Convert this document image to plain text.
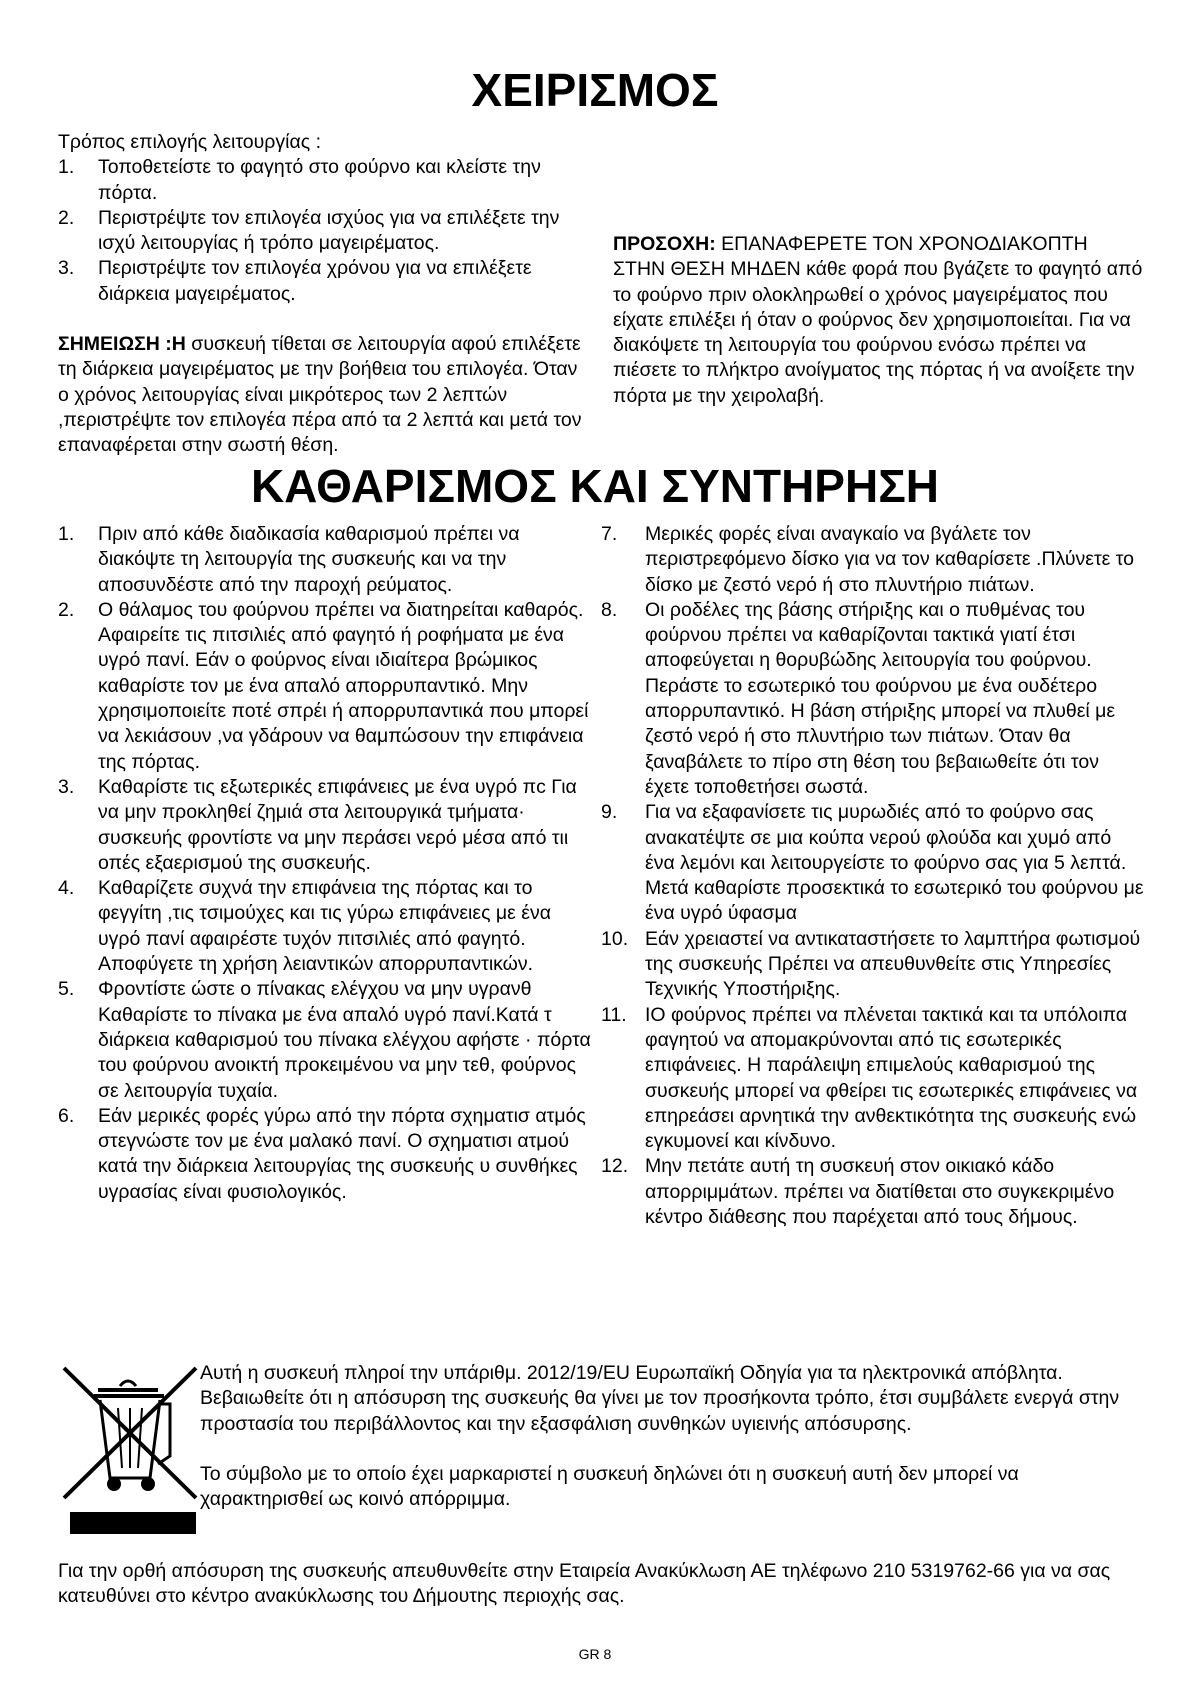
ΧΕΙΡΙΣΜΟΣ

Τρόπος επιλογής λειτουργίας :

1. Τοποθετείστε το φαγητό στο φούρνο και κλείστε την πόρτα.
2. Περιστρέψτε τον επιλογέα ισχύος για να επιλέξετε την ισχύ λειτουργίας ή τρόπο μαγειρέματος.
3. Περιστρέψτε τον επιλογέα χρόνου για να επιλέξετε διάρκεια μαγειρέματος.

ΣΗΜΕΙΩΣΗ :Η συσκευή τίθεται σε λειτουργία αφού επιλέξετε τη διάρκεια μαγειρέματος με την βοήθεια του επιλογέα. Όταν ο χρόνος λειτουργίας είναι μικρότερος των 2 λεπτών ,περιστρέψτε τον επιλογέα πέρα από τα 2 λεπτά και μετά τον επαναφέρεται στην σωστή θέση.

ΠΡΟΣΟΧΗ: ΕΠΑΝΑΦΕΡΕΤΕ ΤΟΝ ΧΡΟΝΟΔΙΑΚΟΠΤΗ ΣΤΗΝ ΘΕΣΗ ΜΗΔΕΝ κάθε φορά που βγάζετε το φαγητό από το φούρνο πριν ολοκληρωθεί ο χρόνος μαγειρέματος που είχατε επιλέξει ή όταν ο φούρνος δεν χρησιμοποιείται. Για να διακόψετε τη λειτουργία του φούρνου ενόσω πρέπει να πιέσετε το πλήκτρο ανοίγματος της πόρτας ή να ανοίξετε την πόρτα με την χειρολαβή.

ΚΑΘΑΡΙΣΜΟΣ ΚΑΙ ΣΥΝΤΗΡΗΣΗ
1. Πριν από κάθε διαδικασία καθαρισμού πρέπει να διακόψτε τη λειτουργία της συσκευής και να την αποσυνδέστε από την παροχή ρεύματος.
2. Ο θάλαμος του φούρνου πρέπει να διατηρείται καθαρός. Αφαιρείτε τις πιτσιλιές από φαγητό ή ροφήματα με ένα υγρό πανί. Εάν ο φούρνος είναι ιδιαίτερα βρώμικος καθαρίστε τον με ένα απαλό απορρυπαντικό. Μην χρησιμοποιείτε ποτέ σπρέι ή απορρυπαντικά που μπορεί να λεκιάσουν ,να γδάρουν να θαμπώσουν την επιφάνεια της πόρτας.
3. Καθαρίστε τις εξωτερικές επιφάνειες με ένα υγρό πc Για να μην προκληθεί ζημιά στα λειτουργικά τμήματα· συσκευής φροντίστε να μην περάσει νερό μέσα από τιι οπές εξαερισμού της συσκευής.
4. Καθαρίζετε συχνά την επιφάνεια της πόρτας και το φεγγίτη ,τις τσιμούχες και τις γύρω επιφάνειες με ένα υγρό πανί αφαιρέστε τυχόν πιτσιλιές από φαγητό. Αποφύγετε τη χρήση λειαντικών απορρυπαντικών.
5. Φροντίστε ώστε ο πίνακας ελέγχου να μην υγρανθ Καθαρίστε το πίνακα με ένα απαλό υγρό πανί.Κατά τ διάρκεια καθαρισμού του πίνακα ελέγχου αφήστε · πόρτα του φούρνου ανοικτή προκειμένου να μην τεθ, φούρνος σε λειτουργία τυχαία.
6. Εάν μερικές φορές γύρω από την πόρτα σχηματισ ατμός στεγνώστε τον με ένα μαλακό πανί. Ο σχηματισι ατμού κατά την διάρκεια λειτουργίας της συσκευής υ συνθήκες υγρασίας είναι φυσιολογικός.
7. Μερικές φορές είναι αναγκαίο να βγάλετε τον περιστρεφόμενο δίσκο για να τον καθαρίσετε .Πλύνετε το δίσκο με ζεστό νερό ή στο πλυντήριο πιάτων.
8. Οι ροδέλες της βάσης στήριξης και ο πυθμένας του φούρνου πρέπει να καθαρίζονται τακτικά γιατί έτσι αποφεύγεται η θορυβώδης λειτουργία του φούρνου. Περάστε το εσωτερικό του φούρνου με ένα ουδέτερο απορρυπαντικό. Η βάση στήριξης μπορεί να πλυθεί με ζεστό νερό ή στο πλυντήριο των πιάτων. Όταν θα ξαναβάλετε το πίρο στη θέση του βεβαιωθείτε ότι τον έχετε τοποθετήσει σωστά.
9. Για να εξαφανίσετε τις μυρωδιές από το φούρνο σας ανακατέψτε σε μια κούπα νερού φλούδα και χυμό από ένα λεμόνι και λειτουργείστε το φούρνο σας για 5 λεπτά. Μετά καθαρίστε προσεκτικά το εσωτερικό του φούρνου με ένα υγρό ύφασμα
10. Εάν χρειαστεί να αντικαταστήσετε το λαμπτήρα φωτισμού της συσκευής Πρέπει να απευθυνθείτε στις Υπηρεσίες Τεχνικής Υποστήριξης.
11. IΟ φούρνος πρέπει να πλένεται τακτικά και τα υπόλοιπα φαγητού να απομακρύνονται από τις εσωτερικές επιφάνειες. Η παράλειψη επιμελούς καθαρισμού της συσκευής μπορεί να φθείρει τις εσωτερικές επιφάνειες να επηρεάσει αρνητικά την ανθεκτικότητα της συσκευής ενώ εγκυμονεί και κίνδυνο.
12. Μην πετάτε αυτή τη συσκευή στον οικιακό κάδο απορριμμάτων. πρέπει να διατίθεται στο συγκεκριμένο κέντρο διάθεσης που παρέχεται από τους δήμους.

Αυτή η συσκευή πληροί την υπάριθμ. 2012/19/EU Ευρωπαϊκή Οδηγία για τα ηλεκτρονικά απόβλητα. Βεβαιωθείτε ότι η απόσυρση της συσκευής θα γίνει με τον προσήκοντα τρόπο, έτσι συμβάλετε ενεργά στην προστασία του περιβάλλοντος και την εξασφάλιση συνθηκών υγιεινής απόσυρσης.

Το σύμβολο με το οποίο έχει μαρκαριστεί η συσκευή δηλώνει ότι η συσκευή αυτή δεν μπορεί να χαρακτηρισθεί ως κοινό απόρριμμα.

Για την ορθή απόσυρση της συσκευής απευθυνθείτε στην Εταιρεία Ανακύκλωση ΑΕ τηλέφωνο 210 5319762-66 για να σας κατευθύνει στο κέντρο ανακύκλωσης του Δήμουτης περιοχής σας.

GR 8
